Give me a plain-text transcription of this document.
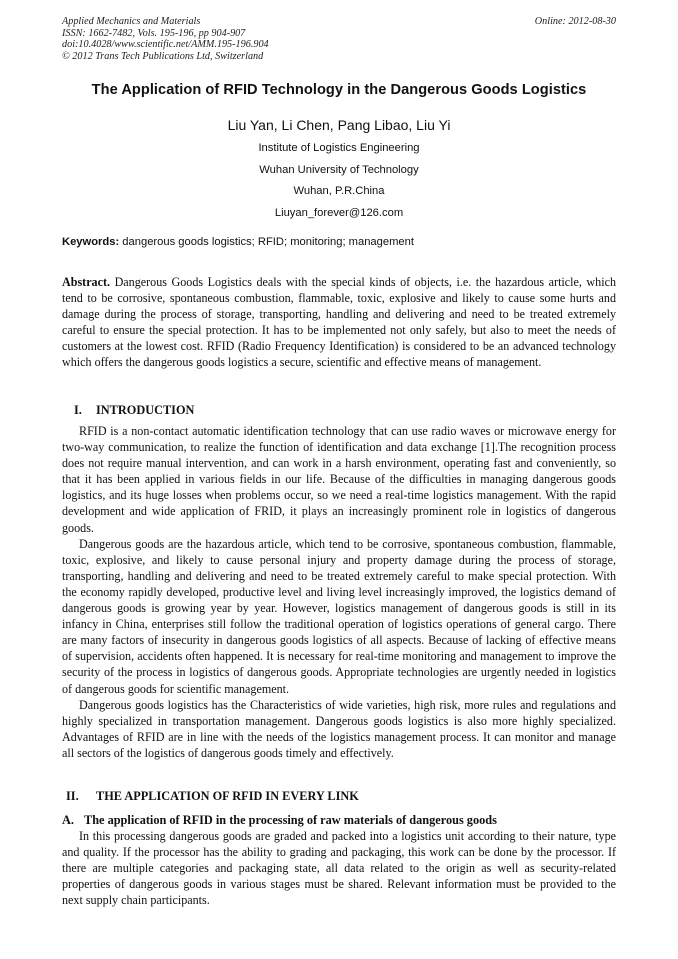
Applied Mechanics and Materials
ISSN: 1662-7482, Vols. 195-196, pp 904-907
doi:10.4028/www.scientific.net/AMM.195-196.904
© 2012 Trans Tech Publications Ltd, Switzerland
Online: 2012-08-30
The Application of RFID Technology in the Dangerous Goods Logistics
Liu Yan, Li Chen, Pang Libao, Liu Yi
Institute of Logistics Engineering
Wuhan University of Technology
Wuhan, P.R.China
Liuyan_forever@126.com
Keywords: dangerous goods logistics; RFID; monitoring; management
Abstract. Dangerous Goods Logistics deals with the special kinds of objects, i.e. the hazardous article, which tend to be corrosive, spontaneous combustion, flammable, toxic, explosive and likely to cause some hurts and damage during the process of storage, transporting, handling and delivering and need to be treated extremely careful to ensure the special protection. It has to be implemented not only safely, but also to meet the needs of customers at the lowest cost. RFID (Radio Frequency Identification) is considered to be an advanced technology which offers the dangerous goods logistics a secure, scientific and effective means of management.
I. INTRODUCTION

RFID is a non-contact automatic identification technology that can use radio waves or microwave energy for two-way communication, to realize the function of identification and data exchange [1].The recognition process does not require manual intervention, and can work in a harsh environment, operating fast and conveniently, so that it has been applied in various fields in our life. Because of the difficulties in managing dangerous goods logistics, and its huge losses when problems occur, so we need a real-time logistics management. With the rapid development and wide application of FRID, it plays an increasingly prominent role in logistics of dangerous goods.

Dangerous goods are the hazardous article, which tend to be corrosive, spontaneous combustion, flammable, toxic, explosive, and likely to cause personal injury and property damage during the process of storage, transporting, handling and delivering and need to be treated extremely careful to make special protection. With the economy rapidly developed, productive level and living level increasingly improved, the logistics demand of dangerous goods is growing year by year. However, logistics management of dangerous goods is still in its infancy in China, enterprises still follow the traditional operation of logistics operations of general cargo. There are many factors of insecurity in dangerous goods logistics of all aspects. Because of lacking of effective means of supervision, accidents often happened. It is necessary for real-time monitoring and management to improve the security of the process in logistics of dangerous goods. Appropriate technologies are urgently needed in logistics of dangerous goods for scientific management.

Dangerous goods logistics has the Characteristics of wide varieties, high risk, more rules and regulations and highly specialized in transportation management. Dangerous goods logistics is also more highly specialized. Advantages of RFID are in line with the needs of the logistics management process. It can monitor and manage all sectors of the logistics of dangerous goods timely and effectively.

II. THE APPLICATION OF RFID IN EVERY LINK
A. The application of RFID in the processing of raw materials of dangerous goods

In this processing dangerous goods are graded and packed into a logistics unit according to their nature, type and quality. If the processor has the ability to grading and packaging, this work can be done by the processor. If there are multiple categories and packaging state, all data related to the origin as well as security-related properties of dangerous goods in various stages must be shared. Relevant information must be provided to the next supply chain participants.
